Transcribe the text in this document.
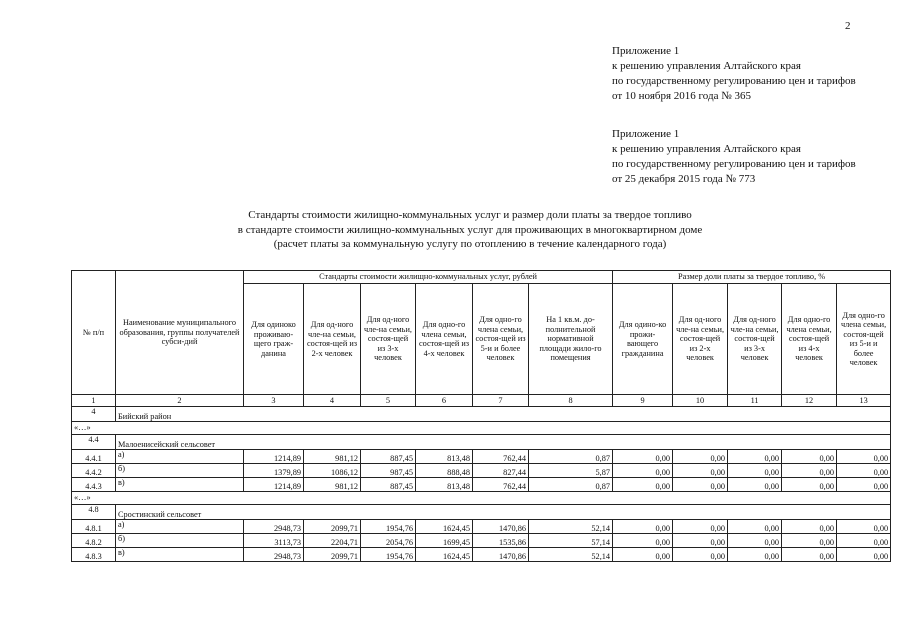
2
Приложение 1
к решению управления Алтайского края
по государственному регулированию цен и тарифов
от 10 ноября 2016 года № 365
Приложение 1
к решению управления Алтайского края
по государственному регулированию цен и тарифов
от 25 декабря 2015 года № 773
Стандарты стоимости жилищно-коммунальных услуг и размер доли платы за твердое топливо
в стандарте стоимости жилищно-коммунальных услуг для проживающих в многоквартирном доме
(расчет платы за коммунальную услугу по отоплению в течение календарного года)
№ п/п	Наименование муниципального образования, группы получателей субси-дий	Стандарты стоимости жилищно-коммунальных услуг, рублей						Размер доли платы за твердое топливо, %				
		Для одиноко проживаю-щего граж-данина	Для од-ного чле-на семьи, состоя-щей из 2-х человек	Для од-ного чле-на семьи, состоя-щей из 3-х человек	Для одно-го члена семьи, состоя-щей из 4-х человек	Для одно-го члена семьи, состоя-щей из 5-и и более человек	На 1 кв.м. до-полнительной нормативной площади жило-го помещения	Для одино-ко прожи-вающего гражданина	Для од-ного чле-на семьи, состоя-щей из 2-х человек	Для од-ного чле-на семьи, состоя-щей из 3-х человек	Для одно-го члена семьи, состоя-щей из 4-х человек	Для одно-го члена семьи, состоя-щей из 5-и и более человек
1	2	3	4	5	6	7	8	9	10	11	12	13
4	Бийский район											
«…»												
4.4	Малоенисейский сельсовет											
4.4.1	а)	1214,89	981,12	887,45	813,48	762,44	0,87	0,00	0,00	0,00	0,00	0,00
4.4.2	б)	1379,89	1086,12	987,45	888,48	827,44	5,87	0,00	0,00	0,00	0,00	0,00
4.4.3	в)	1214,89	981,12	887,45	813,48	762,44	0,87	0,00	0,00	0,00	0,00	0,00
«…»												
4.8	Сростинский сельсовет											
4.8.1	а)	2948,73	2099,71	1954,76	1624,45	1470,86	52,14	0,00	0,00	0,00	0,00	0,00
4.8.2	б)	3113,73	2204,71	2054,76	1699,45	1535,86	57,14	0,00	0,00	0,00	0,00	0,00
4.8.3	в)	2948,73	2099,71	1954,76	1624,45	1470,86	52,14	0,00	0,00	0,00	0,00	0,00
